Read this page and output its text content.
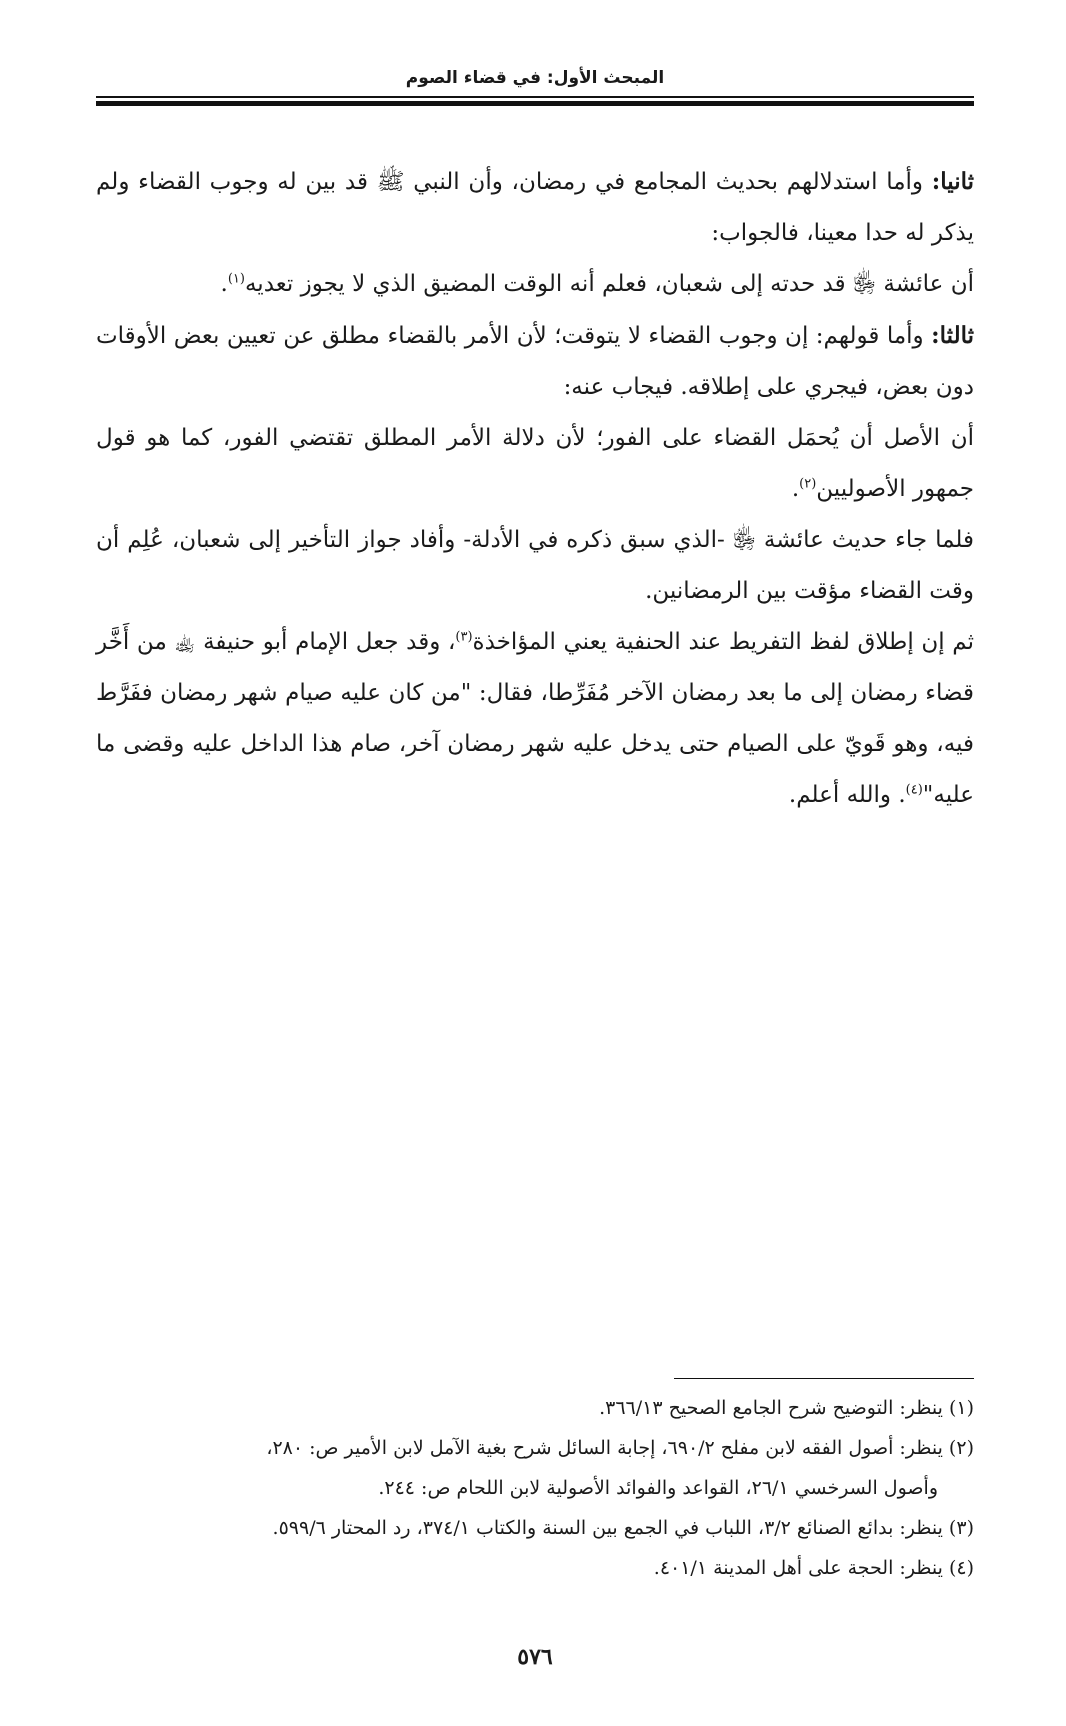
المبحث الأول: في قضاء الصوم

ثانيا: وأما استدلالهم بحديث المجامع في رمضان، وأن النبي ﷺ قد بين له وجوب القضاء ولم يذكر له حدا معينا، فالجواب:

أن عائشة ﵂ قد حدته إلى شعبان، فعلم أنه الوقت المضيق الذي لا يجوز تعديه$^{(١)}$.

ثالثا: وأما قولهم: إن وجوب القضاء لا يتوقت؛ لأن الأمر بالقضاء مطلق عن تعيين بعض الأوقات دون بعض، فيجري على إطلاقه. فيجاب عنه:

أن الأصل أن يُحمَل القضاء على الفور؛ لأن دلالة الأمر المطلق تقتضي الفور، كما هو قول جمهور الأصوليين$^{(٢)}$.

فلما جاء حديث عائشة ﵂ -الذي سبق ذكره في الأدلة- وأفاد جواز التأخير إلى شعبان، عُلِم أن وقت القضاء مؤقت بين الرمضانين.

ثم إن إطلاق لفظ التفريط عند الحنفية يعني المؤاخذة$^{(٣)}$، وقد جعل الإمام أبو حنيفة ﵀ من أَخَّر قضاء رمضان إلى ما بعد رمضان الآخر مُفَرِّطا، فقال: "من كان عليه صيام شهر رمضان ففَرَّط فيه، وهو قَويّ على الصيام حتى يدخل عليه شهر رمضان آخر، صام هذا الداخل عليه وقضى ما عليه"$^{(٤)}$. والله أعلم.

(١) ينظر: التوضيح شرح الجامع الصحيح ٣٦٦/١٣.

(٢) ينظر: أصول الفقه لابن مفلح ٦٩٠/٢، إجابة السائل شرح بغية الآمل لابن الأمير ص: ٢٨٠،

وأصول السرخسي ٢٦/١، القواعد والفوائد الأصولية لابن اللحام ص: ٢٤٤.

(٣) ينظر: بدائع الصنائع ٣/٢، اللباب في الجمع بين السنة والكتاب ٣٧٤/١، رد المحتار ٥٩٩/٦.

(٤) ينظر: الحجة على أهل المدينة ٤٠١/١.

٥٧٦
